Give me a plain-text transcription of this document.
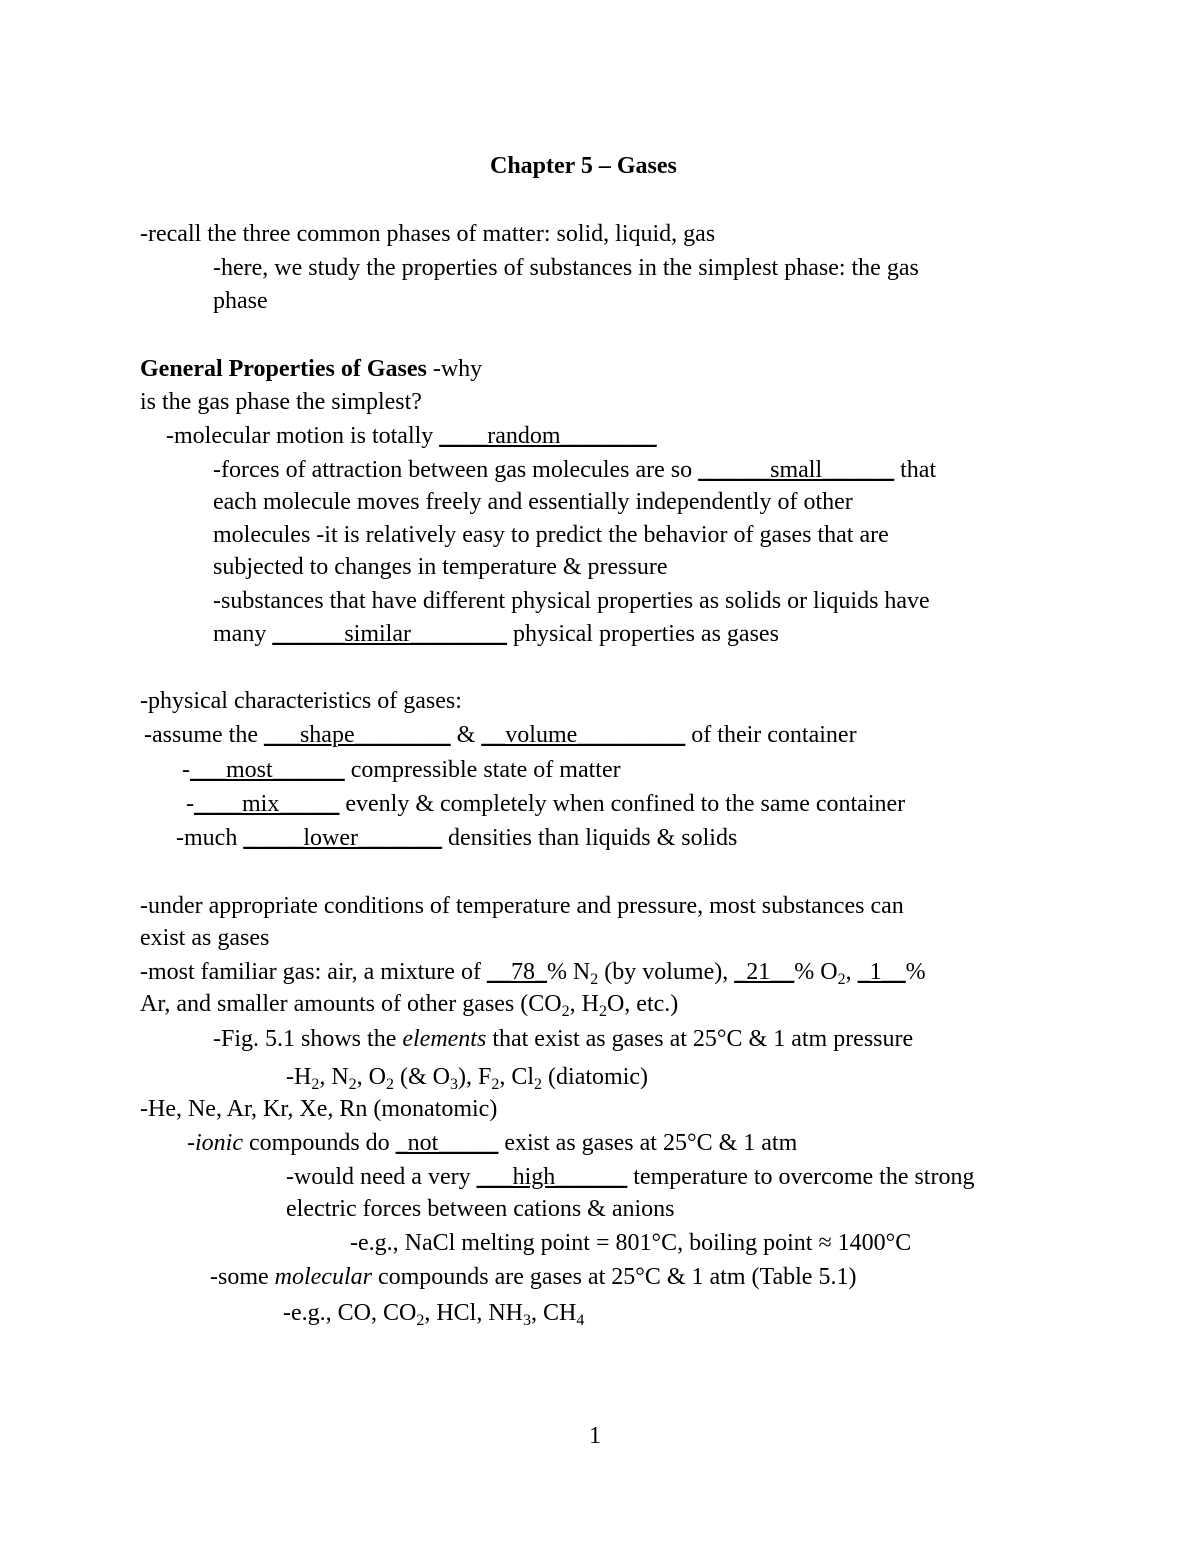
Chapter 5 – Gases
-recall the three common phases of matter: solid, liquid, gas
-here, we study the properties of substances in the simplest phase: the gas
phase
General Properties of Gases -why
is the gas phase the simplest?
-molecular motion is totally ____random________
-forces of attraction between gas molecules are so ______small______ that
each molecule moves freely and essentially independently of other
molecules -it is relatively easy to predict the behavior of gases that are
subjected to changes in temperature & pressure
-substances that have different physical properties as solids or liquids have
many ______similar________ physical properties as gases
-physical characteristics of gases:
-assume the ___shape________ & __volume_________ of their container
-___most______ compressible state of matter
-____mix_____ evenly & completely when confined to the same container
-much _____lower_______ densities than liquids & solids
-under appropriate conditions of temperature and pressure, most substances can
exist as gases
-most familiar gas: air, a mixture of __78_% $N_2$ (by volume), _21__% $O_2$, _1__%
Ar, and smaller amounts of other gases ($CO_2$, $H_2O$, etc.)
-Fig. 5.1 shows the elements that exist as gases at 25°C & 1 atm pressure
$-H_2$, $N_2$, $O_2$ (& $O_3$), $F_2$, $Cl_2$ (diatomic)
-He, Ne, Ar, Kr, Xe, Rn (monatomic)
-ionic compounds do _not_____ exist as gases at 25°C & 1 atm
-would need a very ___high______ temperature to overcome the strong
electric forces between cations & anions
-e.g., NaCl melting point = 801°C, boiling point ≈ 1400°C
-some molecular compounds are gases at 25°C & 1 atm (Table 5.1)
-e.g., CO, $CO_2$, HCl, $NH_3$, $CH_4$
1
